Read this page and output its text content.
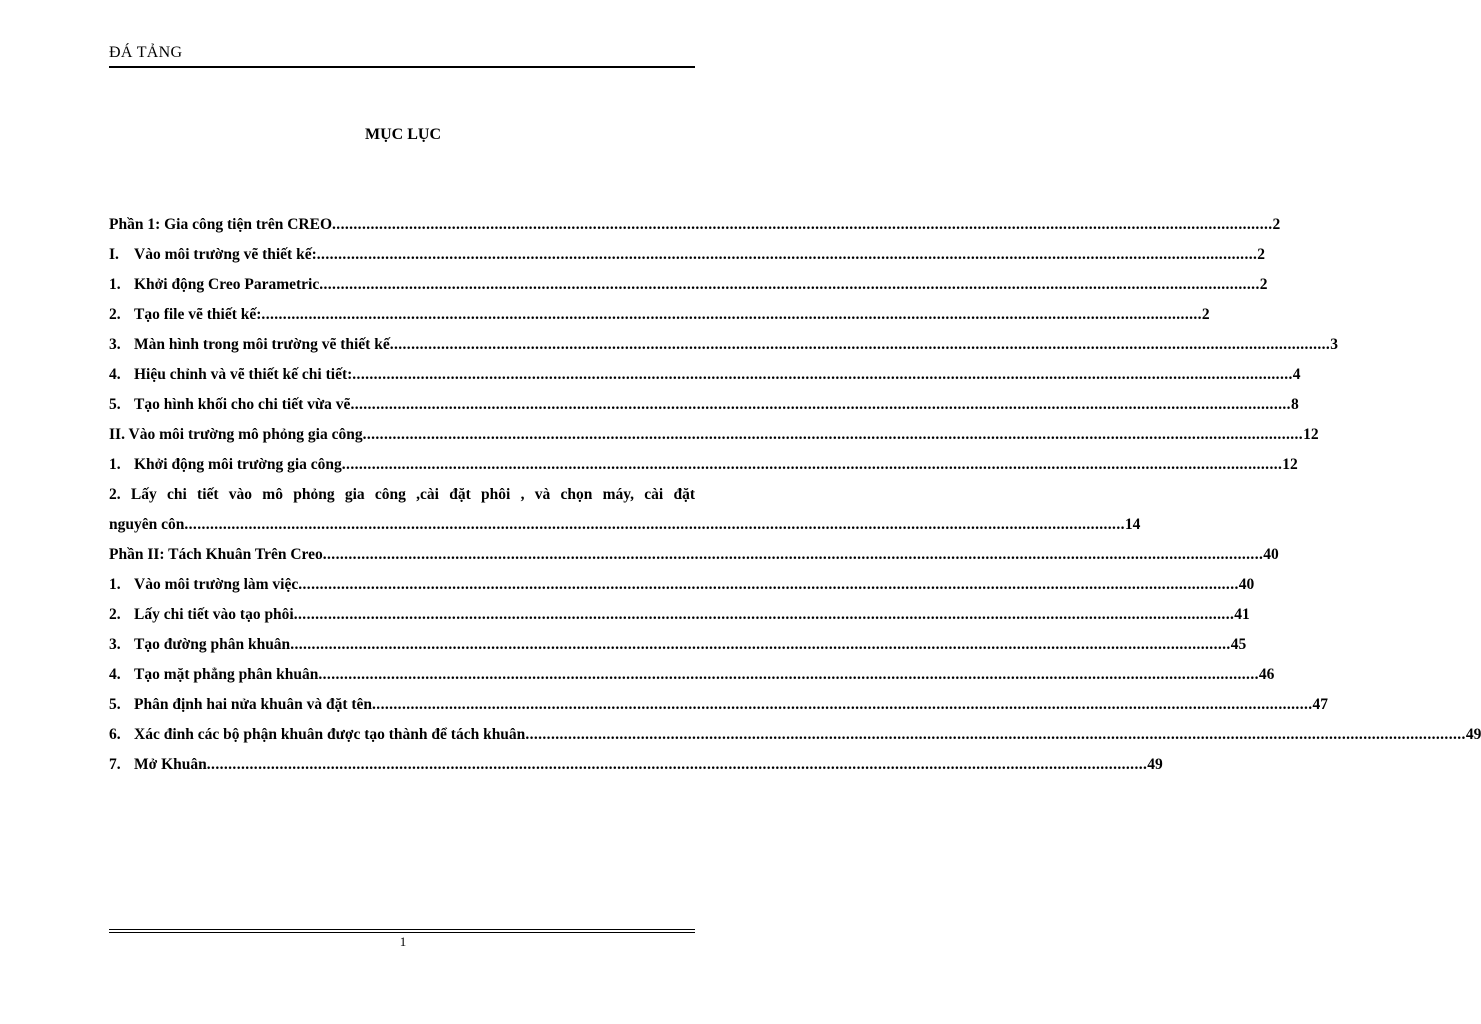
ĐÁ TẢNG
MỤC LỤC
Phần 1: Gia công tiện trên CREO ............................................................................................................................................................................................................................ 2
I. Vào môi trường vẽ thiết kế: ............................................................................................................................................................................................................................ 2
1. Khởi động Creo Parametric ............................................................................................................................................................................................................................ 2
2. Tạo file vẽ thiết kế: ............................................................................................................................................................................................................................ 2
3. Màn hình trong môi trường vẽ thiết kế ............................................................................................................................................................................................................................ 3
4. Hiệu chỉnh và vẽ thiết kế chi tiết: ............................................................................................................................................................................................................................ 4
5. Tạo hình khối cho chi tiết vừa vẽ ............................................................................................................................................................................................................................ 8
II. Vào môi trường mô phỏng gia công ............................................................................................................................................................................................................................ 12
1. Khởi động môi trường gia công ............................................................................................................................................................................................................................ 12
2. Lấy chi tiết vào mô phỏng gia công ,cài đặt phôi , và chọn máy, cài đặt
nguyên côn ............................................................................................................................................................................................................................ 14
Phần II: Tách Khuân Trên Creo ............................................................................................................................................................................................................................ 40
1. Vào môi trường làm việc ............................................................................................................................................................................................................................ 40
2. Lấy chi tiết vào tạo phôi ............................................................................................................................................................................................................................ 41
3. Tạo đường phân khuân ............................................................................................................................................................................................................................ 45
4. Tạo mặt phẳng phân khuân ............................................................................................................................................................................................................................ 46
5. Phân định hai nửa khuân và đặt tên ............................................................................................................................................................................................................................ 47
6. Xác đinh các bộ phận khuân được tạo thành để tách khuân ............................................................................................................................................................................................................................ 49
7. Mở Khuân ............................................................................................................................................................................................................................ 49
1
